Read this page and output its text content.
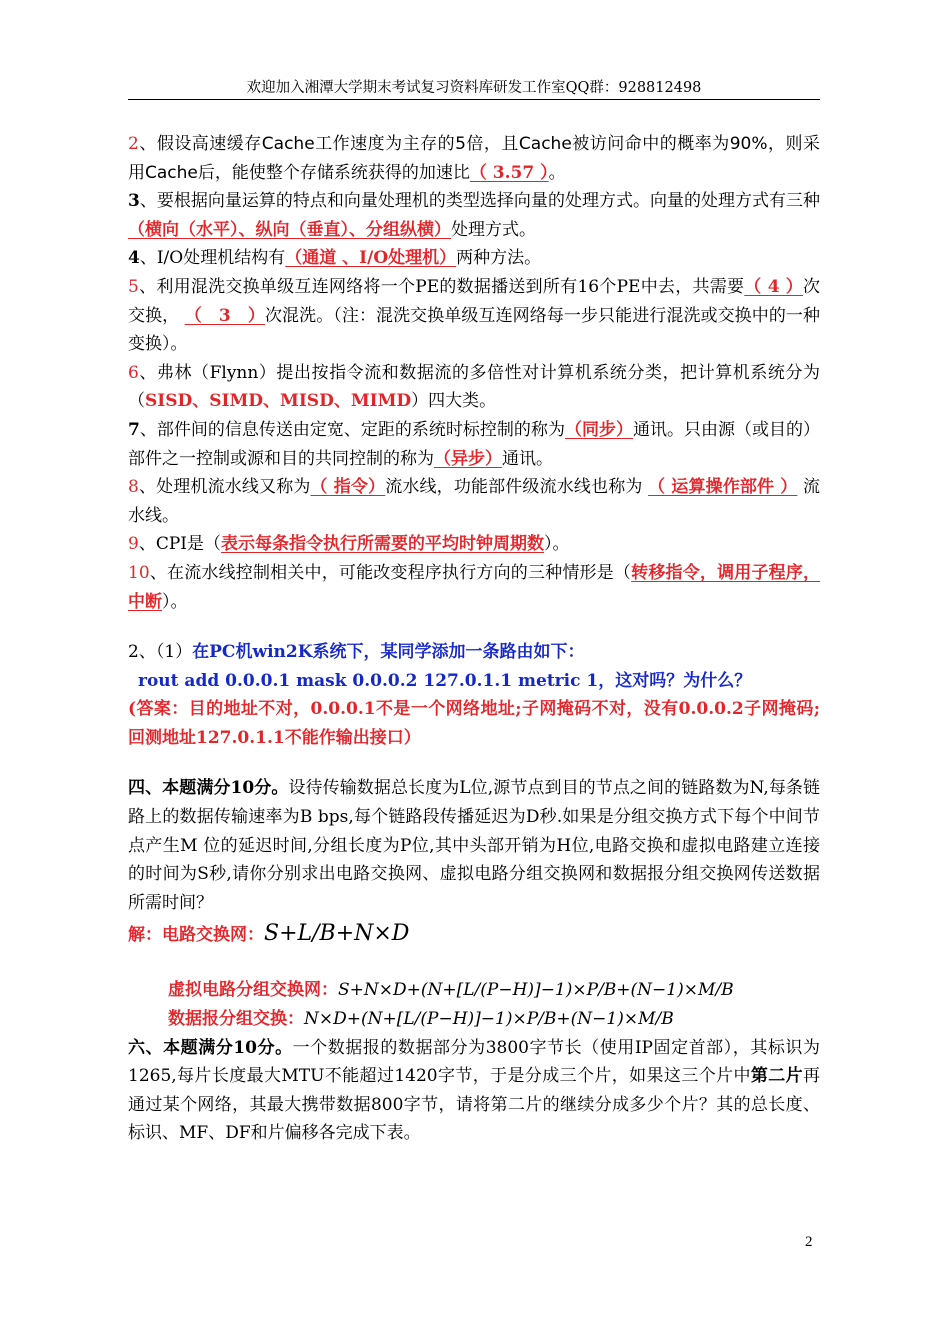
欢迎加入湘潭大学期末考试复习资料库研发工作室QQ群：928812498

2、假设高速缓存Cache工作速度为主存的5倍，且Cache被访问命中的概率为90%，则采用Cache后，能使整个存储系统获得的加速比（ 3.57 ）。

3、要根据向量运算的特点和向量处理机的类型选择向量的处理方式。向量的处理方式有三种（横向（水平）、纵向（垂直）、分组纵横）处理方式。

4、I/O处理机结构有（通道 、I/O处理机）两种方法。

5、利用混洗交换单级互连网络将一个PE的数据播送到所有16个PE中去，共需要（ 4 ）次交换， （　3　）次混洗。（注：混洗交换单级互连网络每一步只能进行混洗或交换中的一种变换）。

6、弗林（Flynn）提出按指令流和数据流的多倍性对计算机系统分类，把计算机系统分为（SISD、SIMD、MISD、MIMD）四大类。

7、部件间的信息传送由定宽、定距的系统时标控制的称为（同步）通讯。只由源（或目的）部件之一控制或源和目的共同控制的称为（异步）通讯。

8、处理机流水线又称为（ 指令）流水线，功能部件级流水线也称为 （ 运算操作部件 ） 流水线。

9、CPI是（表示每条指令执行所需要的平均时钟周期数）。

10、在流水线控制相关中，可能改变程序执行方向的三种情形是（转移指令，调用子程序，中断）。

2、（1）在PC机win2K系统下，某同学添加一条路由如下：

rout add 0.0.0.1 mask 0.0.0.2 127.0.1.1 metric 1，这对吗？为什么？

(答案：目的地址不对，0.0.0.1不是一个网络地址;子网掩码不对，没有0.0.0.2子网掩码;回测地址127.0.1.1不能作输出接口）

四、本题满分10分。设待传输数据总长度为L位,源节点到目的节点之间的链路数为N,每条链路上的数据传输速率为B bps,每个链路段传播延迟为D秒.如果是分组交换方式下每个中间节点产生M 位的延迟时间,分组长度为P位,其中头部开销为H位,电路交换和虚拟电路建立连接的时间为S秒,请你分别求出电路交换网、虚拟电路分组交换网和数据报分组交换网传送数据所需时间？

解：电路交换网：S+L/B+N×D

虚拟电路分组交换网：S+N×D+(N+[L/(P−H)]−1)×P/B+(N−1)×M/B

数据报分组交换：N×D+(N+[L/(P−H)]−1)×P/B+(N−1)×M/B

六、本题满分10分。一个数据报的数据部分为3800字节长（使用IP固定首部），其标识为1265,每片长度最大MTU不能超过1420字节，于是分成三个片，如果这三个片中第二片再通过某个网络，其最大携带数据800字节，请将第二片的继续分成多少个片？其的总长度、标识、MF、DF和片偏移各完成下表。

2
